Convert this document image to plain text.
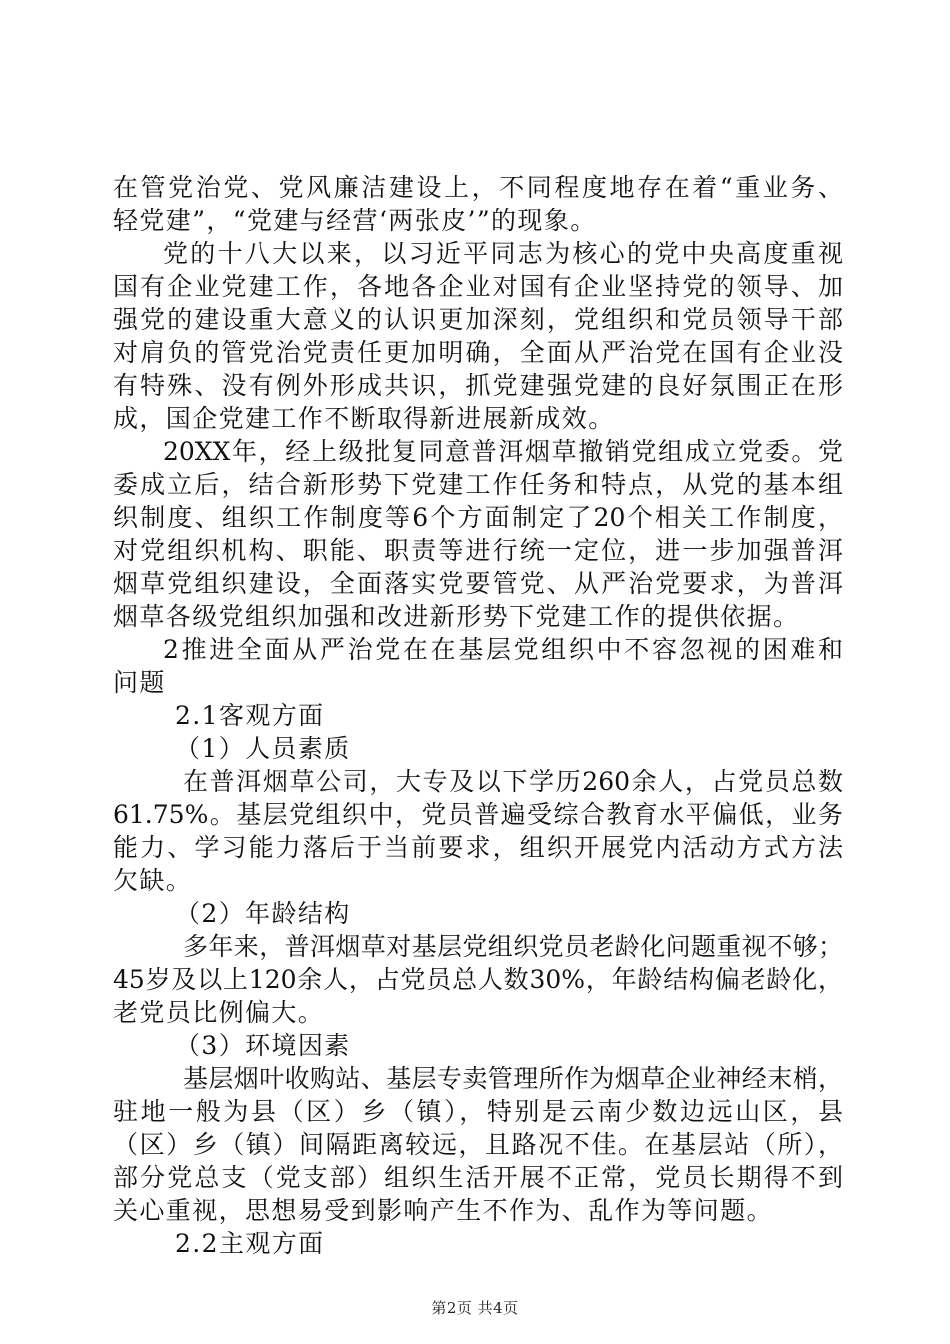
在管党治党、党风廉洁建设上，不同程度地存在着“重业务、
轻党建”，“党建与经营‘两张皮’”的现象。
党的十八大以来，以习近平同志为核心的党中央高度重视
国有企业党建工作，各地各企业对国有企业坚持党的领导、加
强党的建设重大意义的认识更加深刻，党组织和党员领导干部
对肩负的管党治党责任更加明确，全面从严治党在国有企业没
有特殊、没有例外形成共识，抓党建强党建的良好氛围正在形
成，国企党建工作不断取得新进展新成效。
20XX年，经上级批复同意普洱烟草撤销党组成立党委。党
委成立后，结合新形势下党建工作任务和特点，从党的基本组
织制度、组织工作制度等6个方面制定了20个相关工作制度，
对党组织机构、职能、职责等进行统一定位，进一步加强普洱
烟草党组织建设，全面落实党要管党、从严治党要求，为普洱
烟草各级党组织加强和改进新形势下党建工作的提供依据。
2推进全面从严治党在在基层党组织中不容忽视的困难和
问题
2.1客观方面
（1）人员素质
在普洱烟草公司，大专及以下学历260余人，占党员总数
61.75%。基层党组织中，党员普遍受综合教育水平偏低，业务
能力、学习能力落后于当前要求，组织开展党内活动方式方法
欠缺。
（2）年龄结构
多年来，普洱烟草对基层党组织党员老龄化问题重视不够；
45岁及以上120余人，占党员总人数30%，年龄结构偏老龄化，
老党员比例偏大。
（3）环境因素
基层烟叶收购站、基层专卖管理所作为烟草企业神经末梢，
驻地一般为县（区）乡（镇），特别是云南少数边远山区，县
（区）乡（镇）间隔距离较远，且路况不佳。在基层站（所），
部分党总支（党支部）组织生活开展不正常，党员长期得不到
关心重视，思想易受到影响产生不作为、乱作为等问题。
2.2主观方面
第2页 共4页
